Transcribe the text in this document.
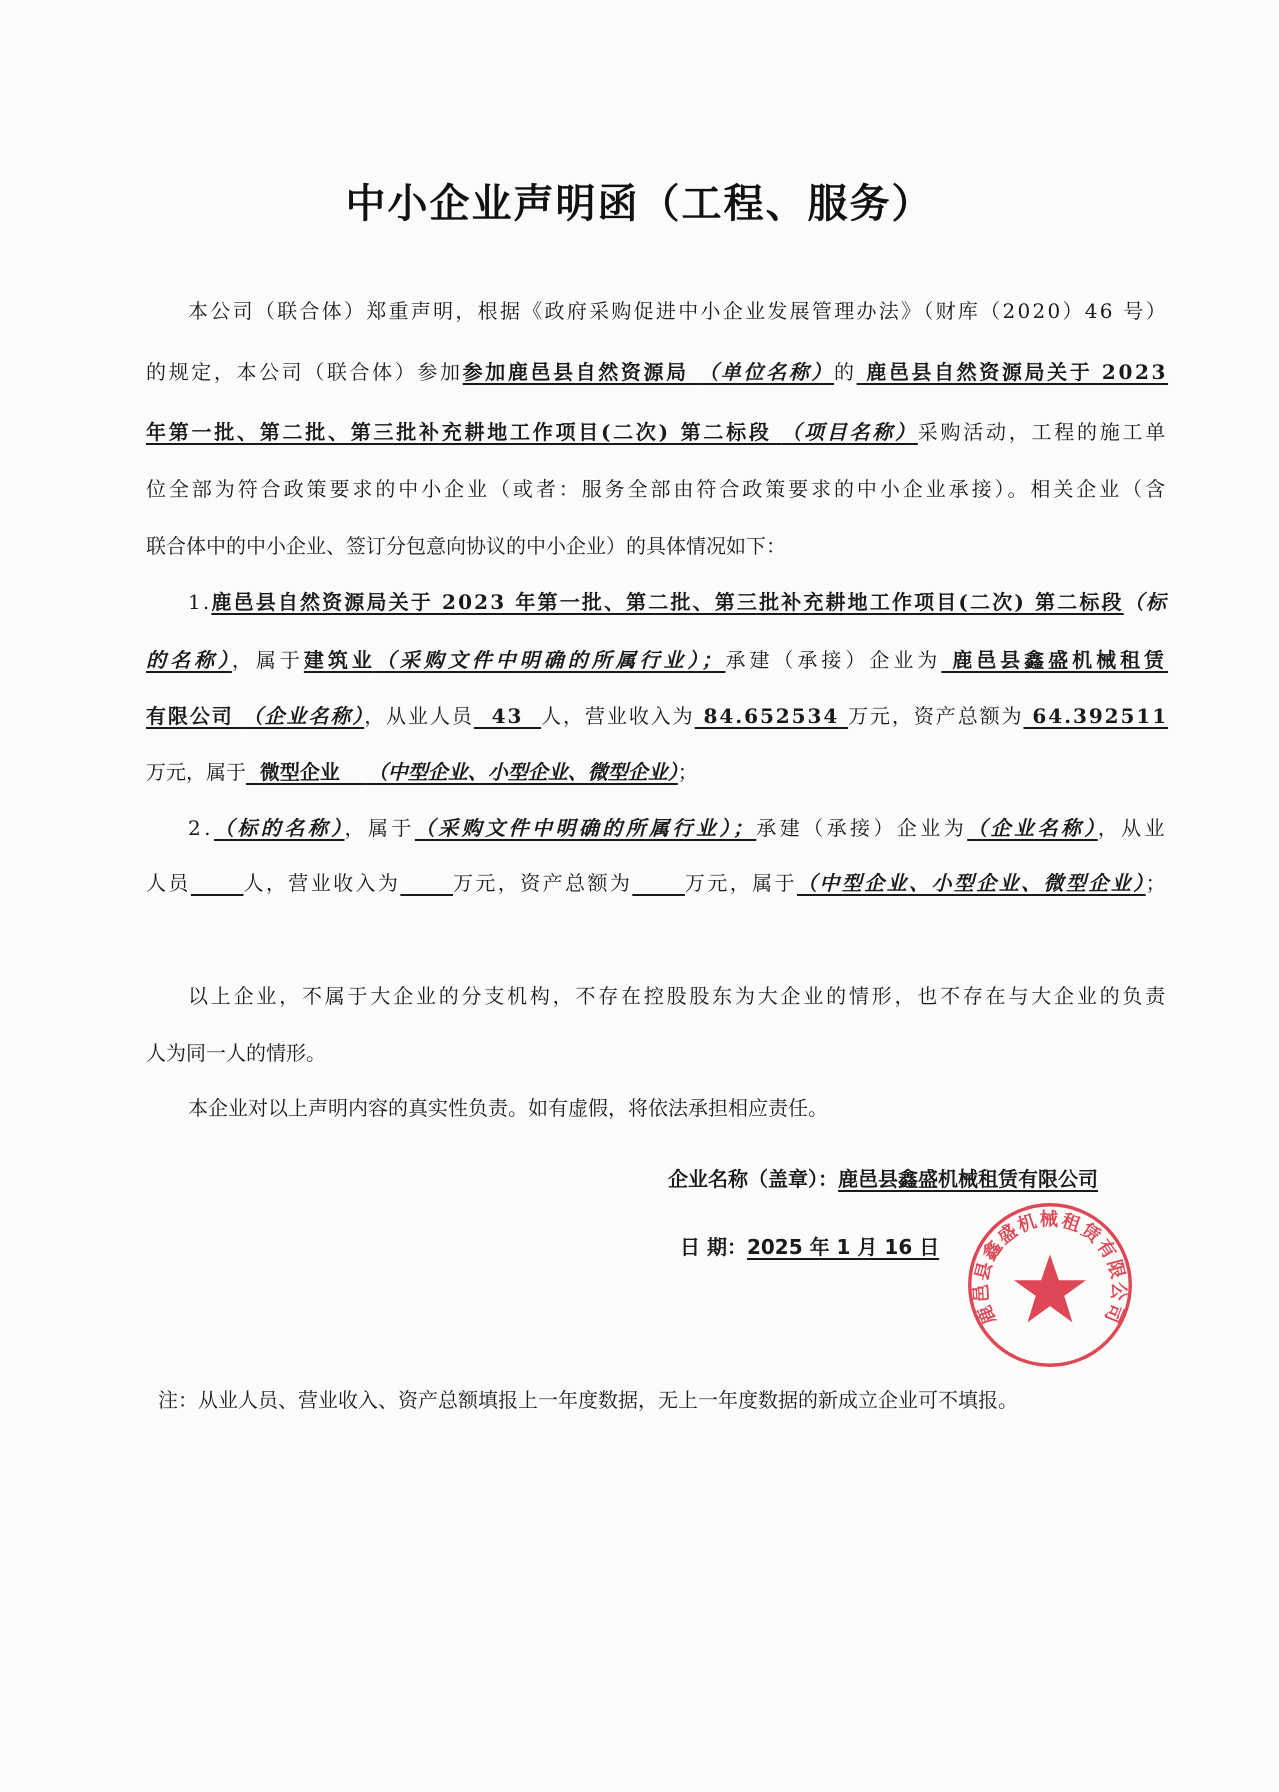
中小企业声明函（工程、服务）
本公司（联合体）郑重声明，根据《政府采购促进中小企业发展管理办法》（财库（2020）46 号）
的规定，本公司（联合体）参加参加鹿邑县自然资源局 （单位名称）的 鹿邑县自然资源局关于 2023
年第一批、第二批、第三批补充耕地工作项目(二次) 第二标段 （项目名称）采购活动，工程的施工单
位全部为符合政策要求的中小企业（或者：服务全部由符合政策要求的中小企业承接）。相关企业（含
联合体中的中小企业、签订分包意向协议的中小企业）的具体情况如下：
1.鹿邑县自然资源局关于 2023 年第一批、第二批、第三批补充耕地工作项目(二次) 第二标段（标
的名称），属于建筑业（采购文件中明确的所属行业）；承建（承接）企业为 鹿邑县鑫盛机械租赁
有限公司 （企业名称），从业人员  43  人，营业收入为 84.652534 万元，资产总额为 64.392511
万元，属于  微型企业    （中型企业、小型企业、微型企业）；
2.（标的名称），属于（采购文件中明确的所属行业）；承建（承接）企业为（企业名称），从业
人员	人，营业收入为	万元，资产总额为	万元，属于（中型企业、小型企业、微型企业）；
以上企业，不属于大企业的分支机构，不存在控股股东为大企业的情形，也不存在与大企业的负责
人为同一人的情形。
本企业对以上声明内容的真实性负责。如有虚假，将依法承担相应责任。
企业名称（盖章）：鹿邑县鑫盛机械租赁有限公司
日 期：2025 年 1 月 16 日
鹿邑县鑫盛机械租赁有限公司
注：从业人员、营业收入、资产总额填报上一年度数据，无上一年度数据的新成立企业可不填报。
